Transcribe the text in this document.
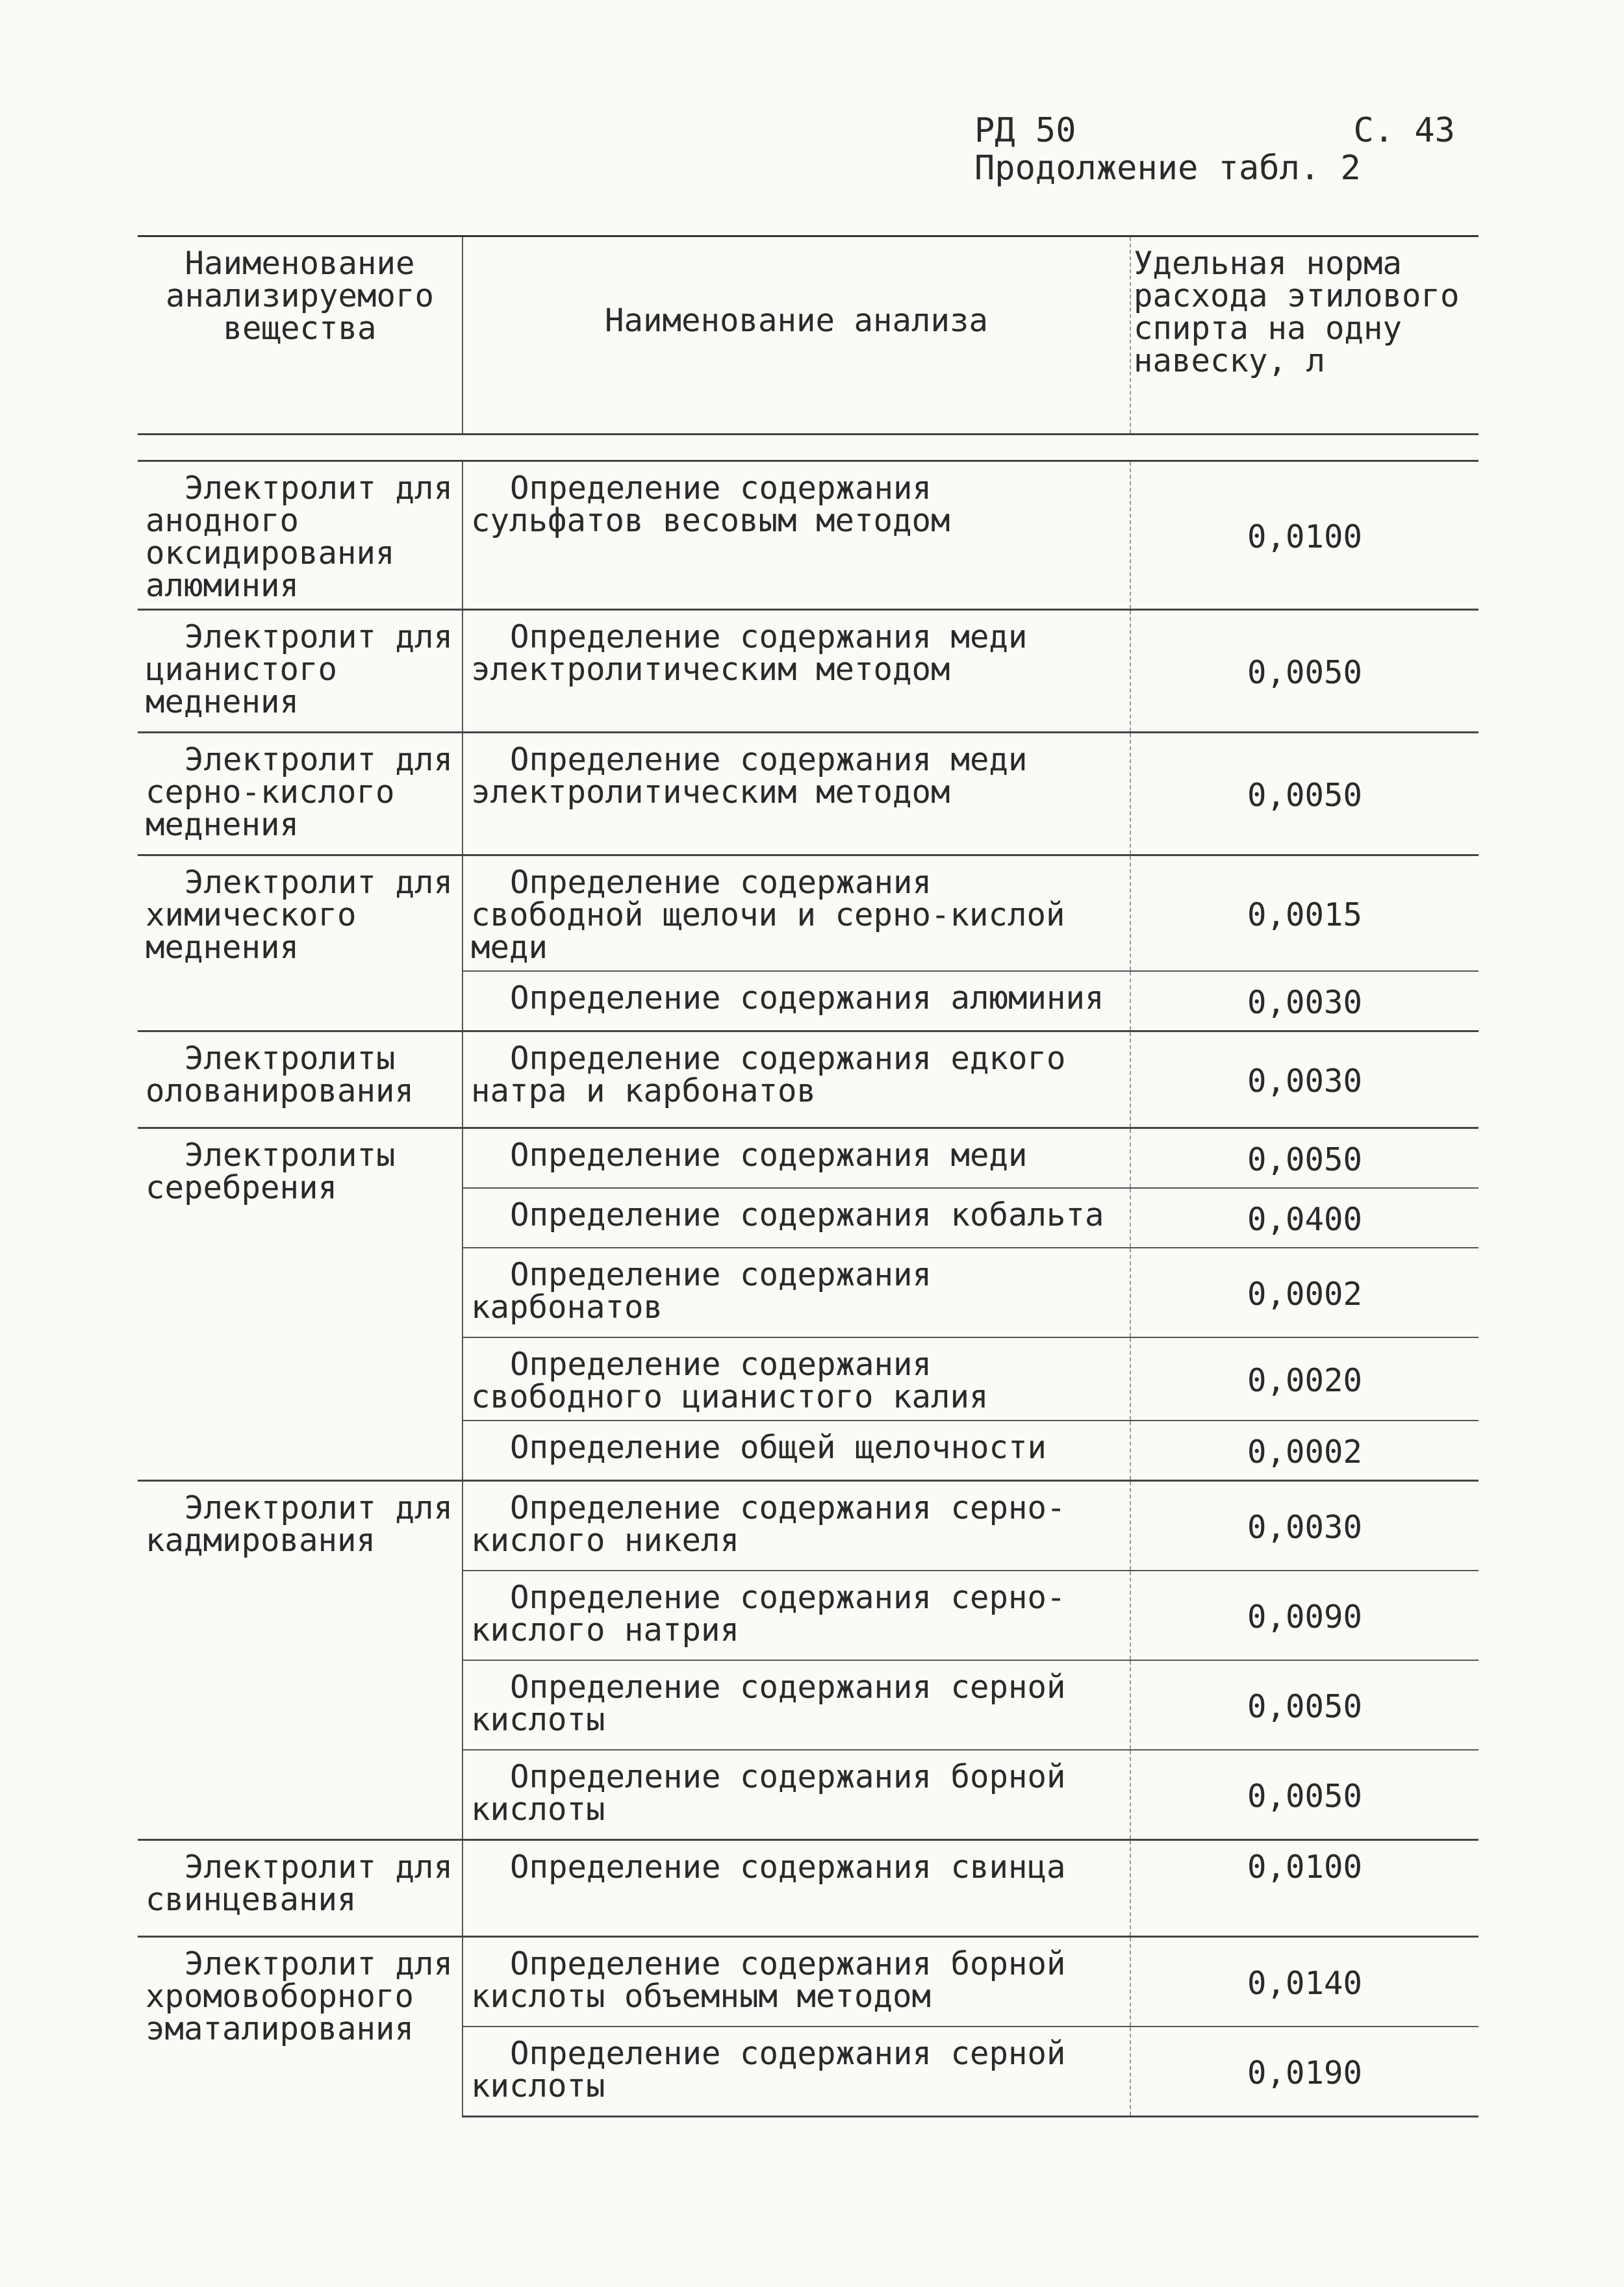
РД 50	С. 43
Продолжение табл. 2
Наименование анализируемого вещества	Наименование анализа	Удельная норма расхода этилового спирта на одну навеску, л

Электролит для анодного оксидирования алюминия	Определение содержания сульфатов весовым методом	0,0100
Электролит для цианистого меднения	Определение содержания меди электролитическим методом	0,0050
Электролит для серно-кислого меднения	Определение содержания меди электролитическим методом	0,0050
Электролит для химического меднения	Определение содержания свободной щелочи и серно-кислой меди	0,0015
	Определение содержания алюминия	0,0030
Электролиты олованирования	Определение содержания едкого натра и карбонатов	0,0030
Электролиты серебрения	Определение содержания меди	0,0050
	Определение содержания кобальта	0,0400
	Определение содержания карбонатов	0,0002
	Определение содержания свободного цианистого калия	0,0020
	Определение общей щелочности	0,0002
Электролит для кадмирования	Определение содержания серно-кислого никеля	0,0030
	Определение содержания серно-кислого натрия	0,0090
	Определение содержания серной кислоты	0,0050
	Определение содержания борной кислоты	0,0050
Электролит для свинцевания	Определение содержания свинца	0,0100
Электролит для хромовоборного эматалирования	Определение содержания борной кислоты объемным методом	0,0140
	Определение содержания серной кислоты	0,0190
